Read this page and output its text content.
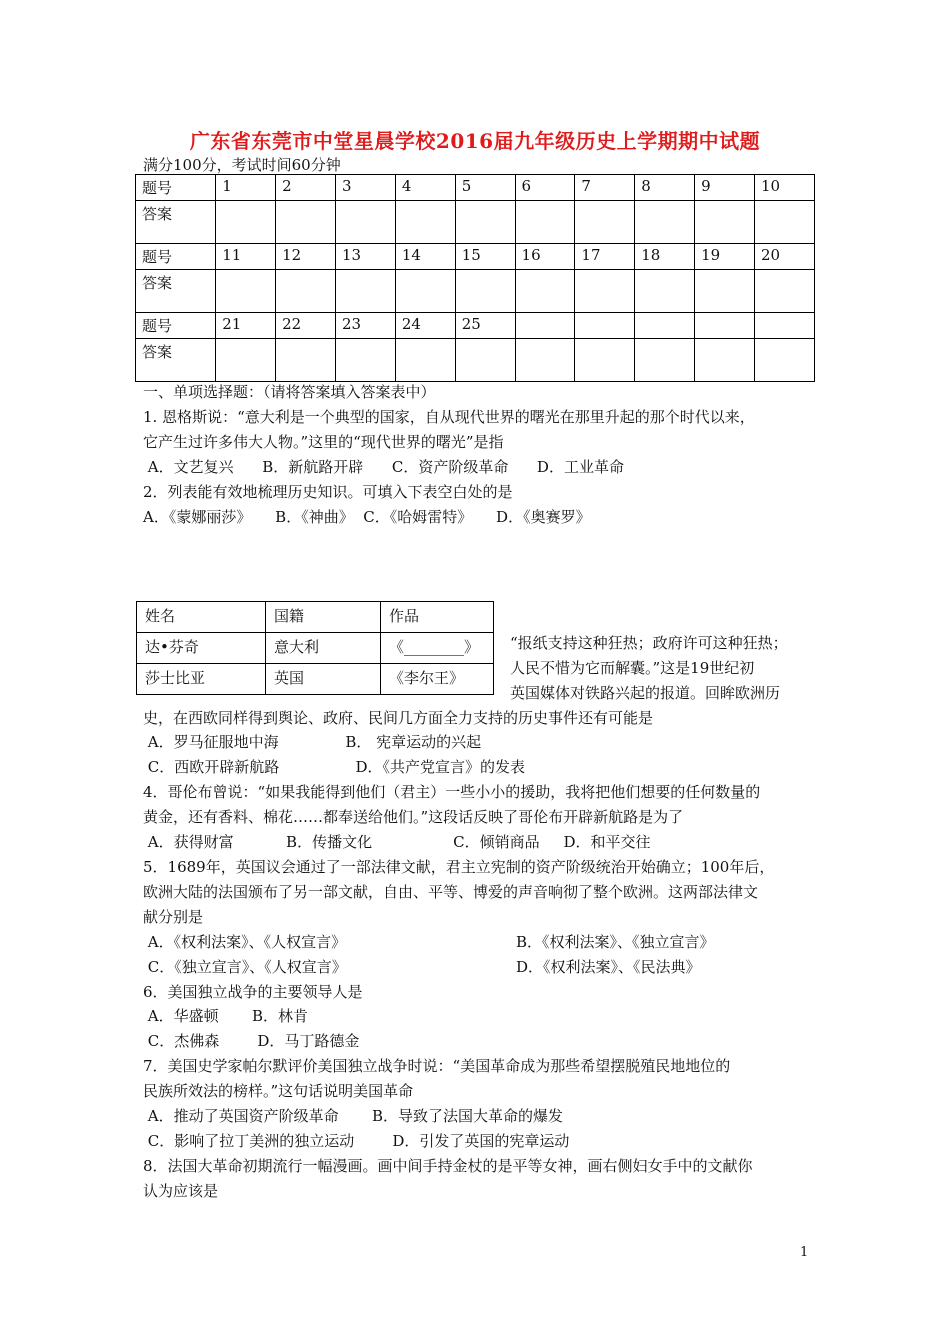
广东省东莞市中堂星晨学校2016届九年级历史上学期期中试题
满分100分，考试时间60分钟
题号	1	2	3	4	5	6	7	8	9	10
答案										
题号	11	12	13	14	15	16	17	18	19	20
答案										
题号	21	22	23	24	25					
答案										
一、单项选择题：（请将答案填入答案表中）
1. 恩格斯说：“意大利是一个典型的国家，自从现代世界的曙光在那里升起的那个时代以来，
它产生过许多伟大人物。”这里的“现代世界的曙光”是指
A．文艺复兴      B．新航路开辟      C．资产阶级革命      D．工业革命
2．列表能有效地梳理历史知识。可填入下表空白处的是
A．《蒙娜丽莎》     B．《神曲》  C．《哈姆雷特》     D．《奥赛罗》
姓名	国籍	作品
达•芬奇	意大利	《________》
莎士比亚	英国	《李尔王》
“报纸支持这种狂热；政府许可这种狂热；
人民不惜为它而解囊。”这是19世纪初
英国媒体对铁路兴起的报道。回眸欧洲历
史，在西欧同样得到舆论、政府、民间几方面全力支持的历史事件还有可能是
A．罗马征服地中海              B． 宪章运动的兴起
C．西欧开辟新航路                D．《共产党宣言》的发表
4．哥伦布曾说：“如果我能得到他们（君主）一些小小的援助，我将把他们想要的任何数量的
黄金，还有香料、棉花……都奉送给他们。”这段话反映了哥伦布开辟新航路是为了
A．获得财富           B．传播文化                 C．倾销商品     D．和平交往
5．1689年，英国议会通过了一部法律文献，君主立宪制的资产阶级统治开始确立；100年后，
欧洲大陆的法国颁布了另一部文献，自由、平等、博爱的声音响彻了整个欧洲。这两部法律文
献分别是
A．《权利法案》、《人权宣言》	B．《权利法案》、《独立宣言》
C．《独立宣言》、《人权宣言》	D．《权利法案》、《民法典》
6．美国独立战争的主要领导人是
A．华盛顿       B．林肯
C．杰佛森        D．马丁路德金
7．美国史学家帕尔默评价美国独立战争时说：“美国革命成为那些希望摆脱殖民地地位的
民族所效法的榜样。”这句话说明美国革命
A．推动了英国资产阶级革命       B．导致了法国大革命的爆发
C．影响了拉丁美洲的独立运动        D．引发了英国的宪章运动
8．法国大革命初期流行一幅漫画。画中间手持金杖的是平等女神，画右侧妇女手中的文献你
认为应该是
1
